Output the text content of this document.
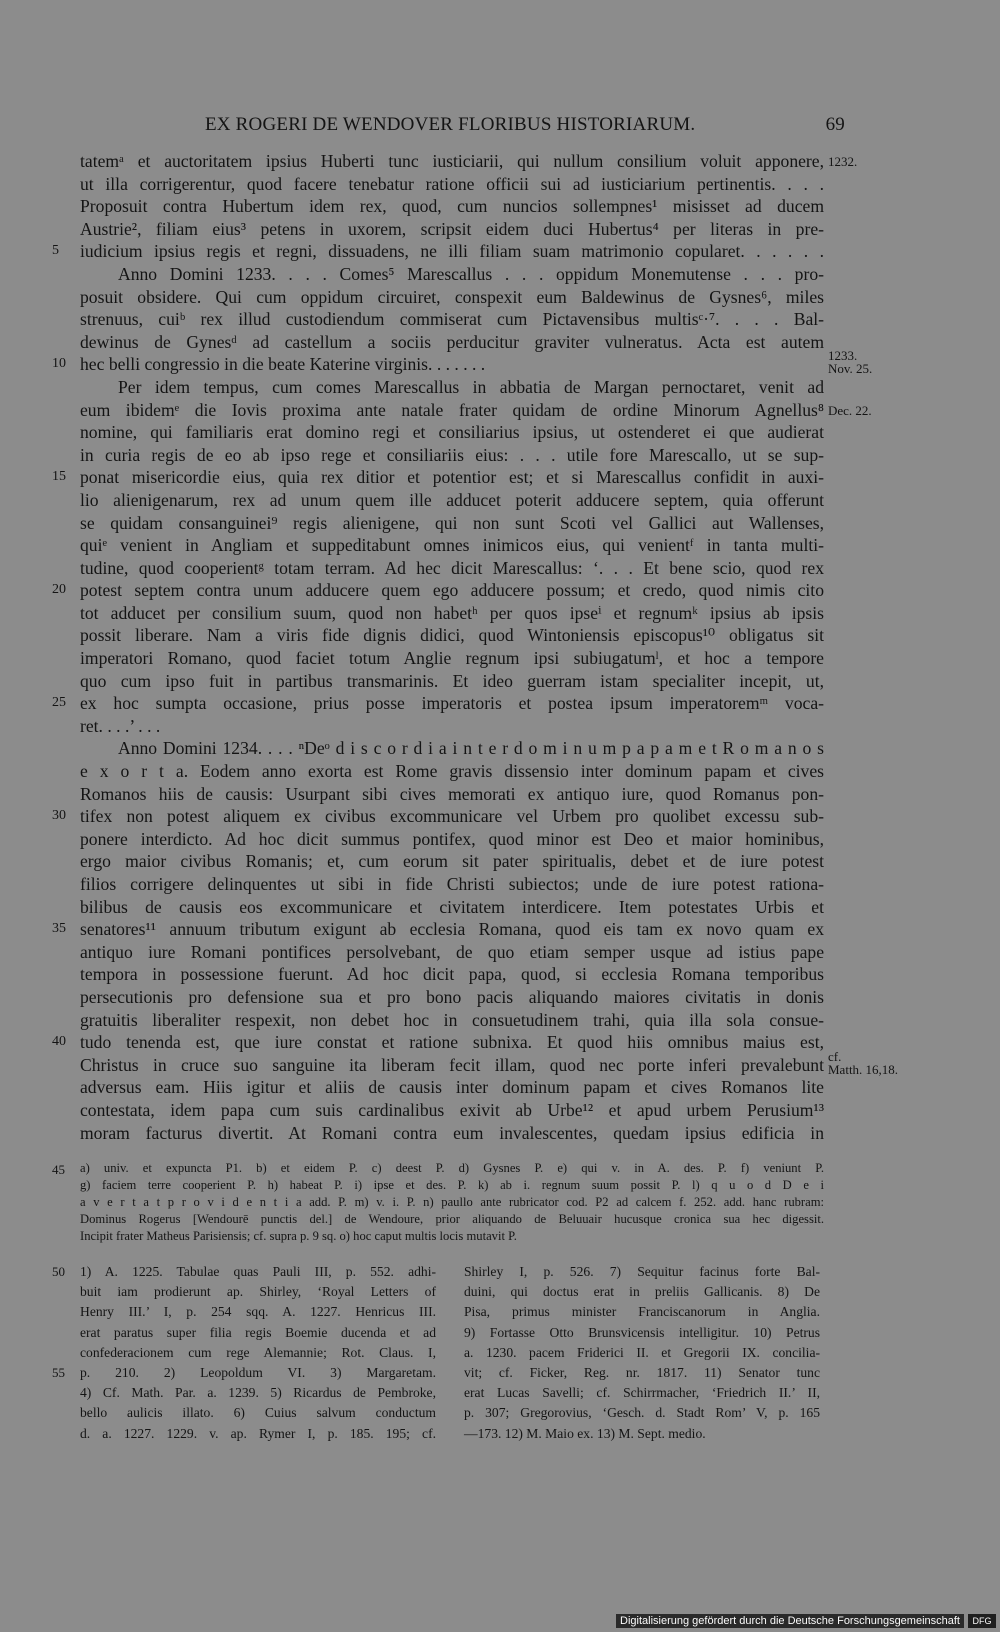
EX ROGERI DE WENDOVER FLORIBUS HISTORIARUM.	69
tatemᵃ et auctoritatem ipsius Huberti tunc iusticiarii, qui nullum consilium voluit apponere, 1232.
ut illa corrigerentur, quod facere tenebatur ratione officii sui ad iusticiarium pertinentis. . . .
Proposuit contra Hubertum idem rex, quod, cum nuncios sollempnes¹ misisset ad ducem
Austrie², filiam eius³ petens in uxorem, scripsit eidem duci Hubertus⁴ per literas in pre-
iudicium ipsius regis et regni, dissuadens, ne illi filiam suam matrimonio copularet. . . . . .
5
Anno Domini 1233. . . . Comes⁵ Marescallus . . . oppidum Monemutense . . . pro-
posuit obsidere. Qui cum oppidum circuiret, conspexit eum Baldewinus de Gysnes⁶, miles
strenuus, cuiᵇ rex illud custodiendum commiserat cum Pictavensibus multisᶜ·⁷. . . . Bal-
dewinus de Gynesᵈ ad castellum a sociis perducitur graviter vulneratus. Acta est autem
hec belli congressio in die beate Katerine virginis. . . . . . .
10
1233.
Nov. 25.
Per idem tempus, cum comes Marescallus in abbatia de Margan pernoctaret, venit ad
eum ibidemᵉ die Iovis proxima ante natale frater quidam de ordine Minorum Agnellus⁸ Dec. 22.
nomine, qui familiaris erat domino regi et consiliarius ipsius, ut ostenderet ei que audierat
in curia regis de eo ab ipso rege et consiliariis eius: . . . utile fore Marescallo, ut se sup-
ponat misericordie eius, quia rex ditior et potentior est; et si Marescallus confidit in auxi-
15
lio alienigenarum, rex ad unum quem ille adducet poterit adducere septem, quia offerunt
se quidam consanguinei⁹ regis alienigene, qui non sunt Scoti vel Gallici aut Wallenses,
quiᵉ venient in Angliam et suppeditabunt omnes inimicos eius, qui venientᶠ in tanta multi-
tudine, quod cooperientᵍ totam terram. Ad hec dicit Marescallus: ‘. . . Et bene scio, quod rex
potest septem contra unum adducere quem ego adducere possum; et credo, quod nimis cito
20
tot adducet per consilium suum, quod non habetʰ per quos ipseⁱ et regnumᵏ ipsius ab ipsis
possit liberare. Nam a viris fide dignis didici, quod Wintoniensis episcopus¹⁰ obligatus sit
imperatori Romano, quod faciet totum Anglie regnum ipsi subiugatumˡ, et hoc a tempore
quo cum ipso fuit in partibus transmarinis. Et ideo guerram istam specialiter incepit, ut,
ex hoc sumpta occasione, prius posse imperatoris et postea ipsum imperatoremᵐ voca-
25
ret. . . .’ . . .
Anno Domini 1234. . . . ⁿDeᵒ d i s c o r d i a i n t e r d o m i n u m p a p a m e t R o m a n o s
e x o r t a. Eodem anno exorta est Rome gravis dissensio inter dominum papam et cives
Romanos hiis de causis: Usurpant sibi cives memorati ex antiquo iure, quod Romanus pon-
tifex non potest aliquem ex civibus excommunicare vel Urbem pro quolibet excessu sub-
30
ponere interdicto. Ad hoc dicit summus pontifex, quod minor est Deo et maior hominibus,
ergo maior civibus Romanis; et, cum eorum sit pater spiritualis, debet et de iure potest
filios corrigere delinquentes ut sibi in fide Christi subiectos; unde de iure potest rationa-
bilibus de causis eos excommunicare et civitatem interdicere. Item potestates Urbis et
senatores¹¹ annuum tributum exigunt ab ecclesia Romana, quod eis tam ex novo quam ex
35
antiquo iure Romani pontifices persolvebant, de quo etiam semper usque ad istius pape
tempora in possessione fuerunt. Ad hoc dicit papa, quod, si ecclesia Romana temporibus
persecutionis pro defensione sua et pro bono pacis aliquando maiores civitatis in donis
gratuitis liberaliter respexit, non debet hoc in consuetudinem trahi, quia illa sola consue-
tudo tenenda est, que iure constat et ratione subnixa. Et quod hiis omnibus maius est,
40
Christus in cruce suo sanguine ita liberam fecit illam, quod nec porte inferi prevalebunt cf.
Matth. 16,18.
adversus eam. Hiis igitur et aliis de causis inter dominum papam et cives Romanos lite
contestata, idem papa cum suis cardinalibus exivit ab Urbe¹² et apud urbem Perusium¹³
moram facturus divertit. At Romani contra eum invalescentes, quedam ipsius edificia in
a) univ. et expuncta P1. b) et eidem P. c) deest P. d) Gysnes P. e) qui v. in A. des. P. f) veniunt P.
45
g) faciem terre cooperient P. h) habeat P. i) ipse et des. P. k) ab i. regnum suum possit P. l) q u o d D e i
a v e r t a t p r o v i d e n t i a add. P. m) v. i. P. n) paullo ante rubricator cod. P2 ad calcem f. 252. add. hanc rubram:
Dominus Rogerus [Wendourē punctis del.] de Wendoure, prior aliquando de Beluuair hucusque cronica sua hec digessit.
Incipit frater Matheus Parisiensis; cf. supra p. 9 sq. o) hoc caput multis locis mutavit P.
1) A. 1225. Tabulae quas Pauli III, p. 552. adhi-
50
buit iam prodierunt ap. Shirley, ‘Royal Letters of
Henry III.’ I, p. 254 sqq. A. 1227. Henricus III.
erat paratus super filia regis Boemie ducenda et ad
confederacionem cum rege Alemannie; Rot. Claus. I,
p. 210. 2) Leopoldum VI. 3) Margaretam.
55
4) Cf. Math. Par. a. 1239. 5) Ricardus de Pembroke,
bello aulicis illato. 6) Cuius salvum conductum
d. a. 1227. 1229. v. ap. Rymer I, p. 185. 195; cf.
Shirley I, p. 526. 7) Sequitur facinus forte Bal-
duini, qui doctus erat in preliis Gallicanis. 8) De
Pisa, primus minister Franciscanorum in Anglia.
9) Fortasse Otto Brunsvicensis intelligitur. 10) Petrus
a. 1230. pacem Friderici II. et Gregorii IX. concilia-
vit; cf. Ficker, Reg. nr. 1817. 11) Senator tunc
erat Lucas Savelli; cf. Schirrmacher, ‘Friedrich II.’ II,
p. 307; Gregorovius, ‘Gesch. d. Stadt Rom’ V, p. 165
—173. 12) M. Maio ex. 13) M. Sept. medio.
Digitalisierung gefördert durch die Deutsche Forschungsgemeinschaft	DFG
